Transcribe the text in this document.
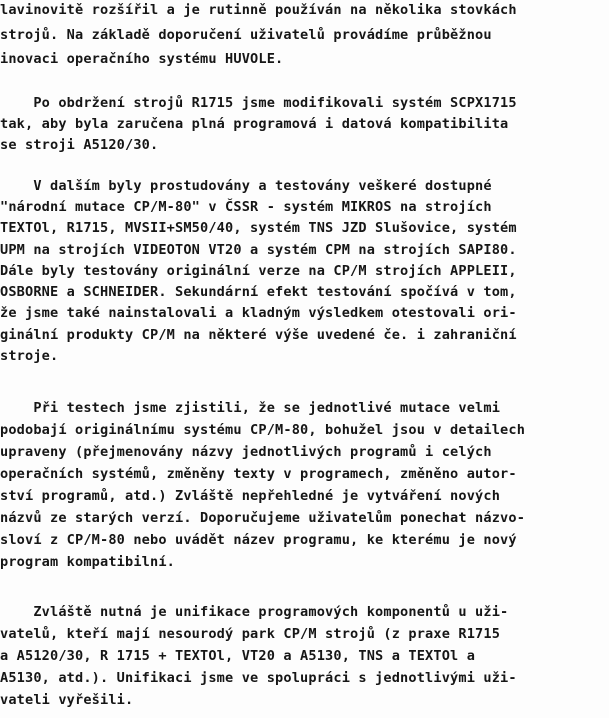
lavinovitě rozšířil a je rutinně používán na několika stovkách
strojů. Na základě doporučení uživatelů provádíme průběžnou
inovaci operačního systému HUVOLE.
Po obdržení strojů R1715 jsme modifikovali systém SCPX1715
tak, aby byla zaručena plná programová i datová kompatibilita
se stroji A5120/30.
V dalším byly prostudovány a testovány veškeré dostupné
"národní mutace CP/M-80" v ČSSR - systém MIKROS na strojích
TEXTOl, R1715, MVSII+SM50/40, systém TNS JZD Slušovice, systém
UPM na strojích VIDEOTON VT20 a systém CPM na strojích SAPI80.
Dále byly testovány originální verze na CP/M strojích APPLEII,
OSBORNE a SCHNEIDER. Sekundární efekt testování spočívá v tom,
že jsme také nainstalovali a kladným výsledkem otestovali ori-
ginální produkty CP/M na některé výše uvedené če. i zahraniční
stroje.
Při testech jsme zjistili, že se jednotlivé mutace velmi
podobají originálnímu systému CP/M-80, bohužel jsou v detailech
upraveny (přejmenovány názvy jednotlivých programů i celých
operačních systémů, změněny texty v programech, změněno autor-
ství programů, atd.) Zvláště nepřehledné je vytváření nových
názvů ze starých verzí. Doporučujeme uživatelům ponechat názvo-
sloví z CP/M-80 nebo uvádět název programu, ke kterému je nový
program kompatibilní.
Zvláště nutná je unifikace programových komponentů u uži-
vatelů, kteří mají nesourodý park CP/M strojů (z praxe R1715
a A5120/30, R 1715 + TEXTOl, VT20 a A5130, TNS a TEXTOl a
A5130, atd.). Unifikaci jsme ve spolupráci s jednotlivými uži-
vateli vyřešili.
